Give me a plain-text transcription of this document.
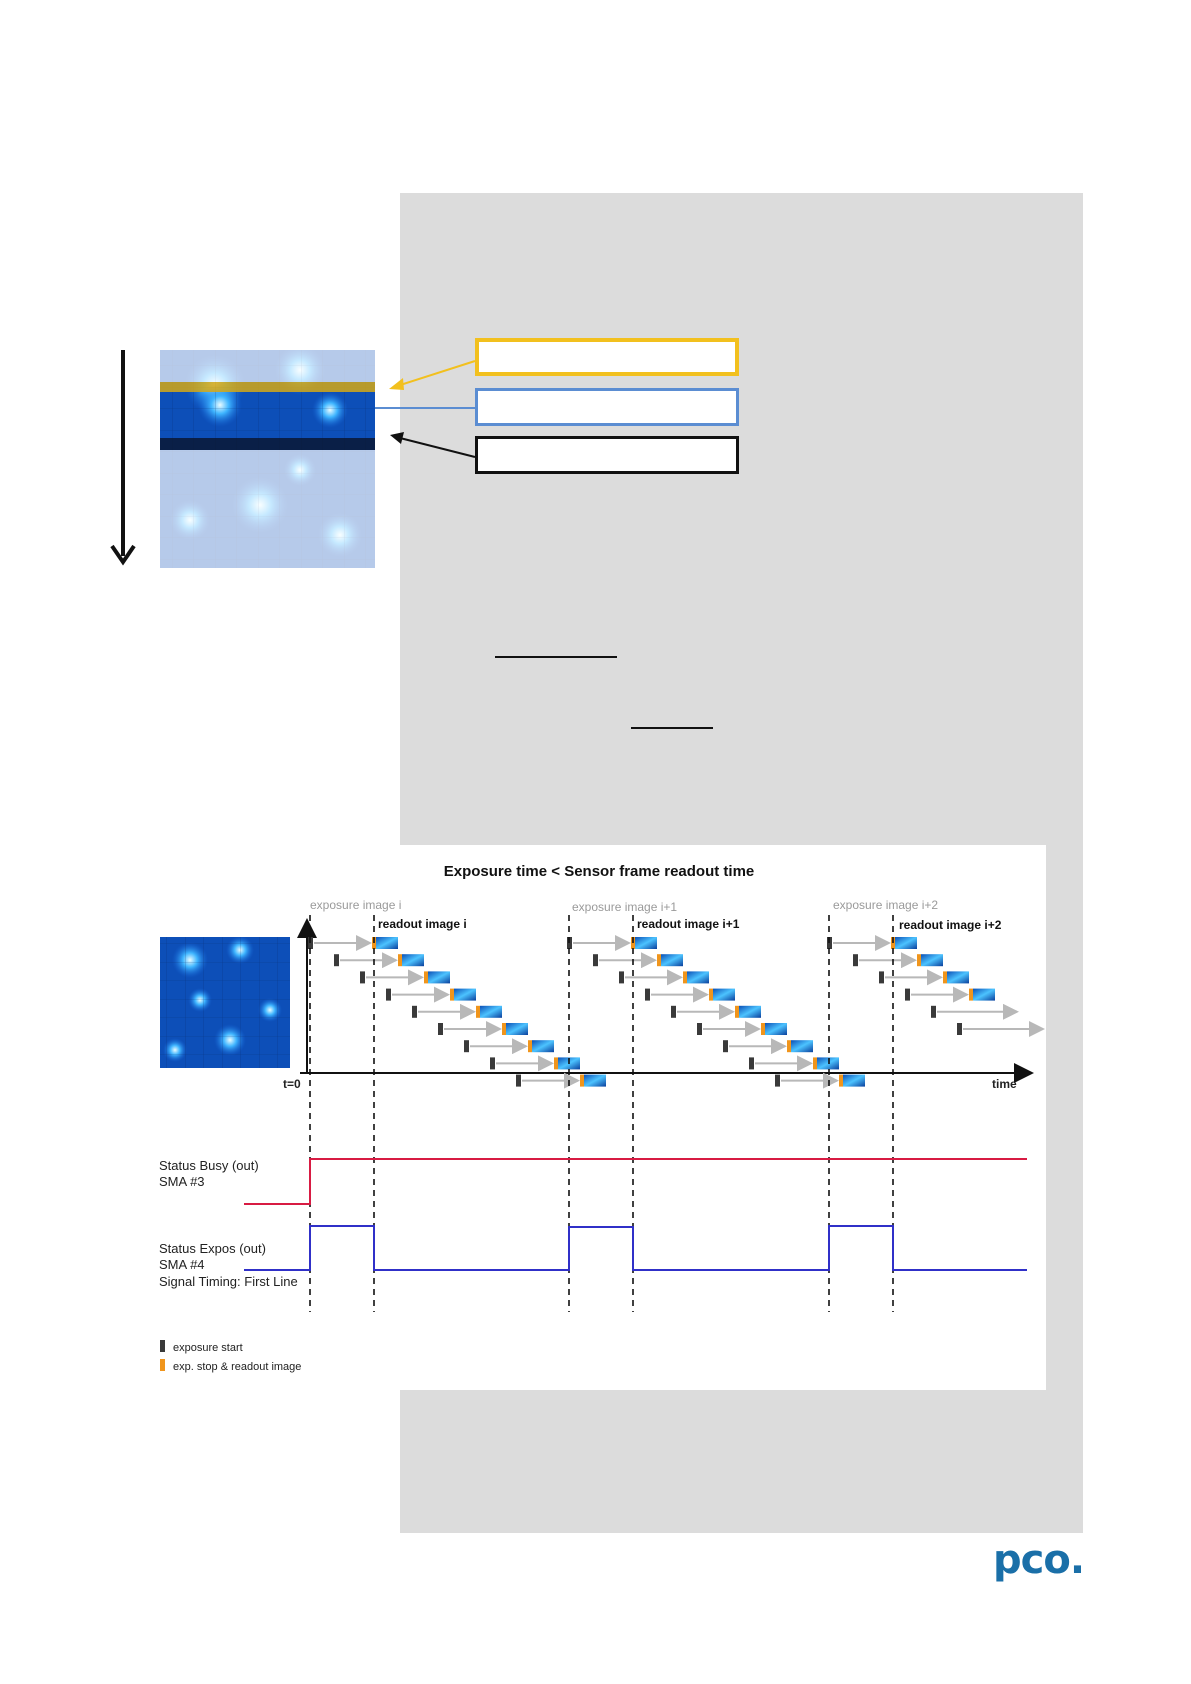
Exposure time < Sensor frame readout time
t=0	time
exposure image i	exposure image i+1	exposure image i+2
readout image i	readout image i+1	readout image i+2
Status Busy (out)
SMA #3
Status Expos (out)
SMA #4
Signal Timing: First Line
exposure start
exp. stop & readout image
pco.
